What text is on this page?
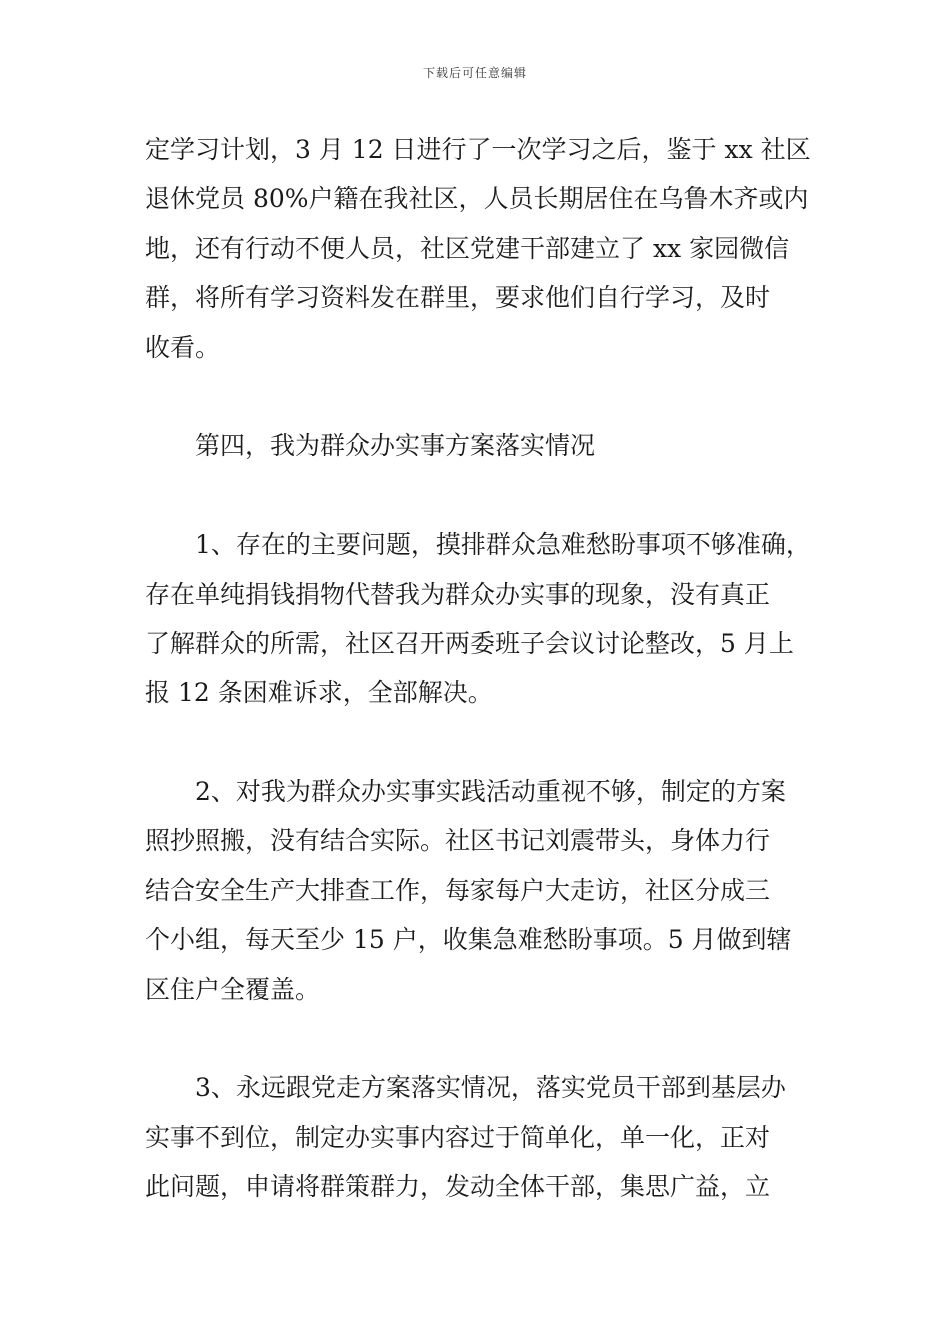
下载后可任意编辑
定学习计划，3 月 12 日进行了一次学习之后，鉴于 xx 社区
退休党员 80%户籍在我社区，人员长期居住在乌鲁木齐或内
地，还有行动不便人员，社区党建干部建立了 xx 家园微信
群，将所有学习资料发在群里，要求他们自行学习，及时
收看。
　　第四，我为群众办实事方案落实情况
　　1、存在的主要问题，摸排群众急难愁盼事项不够准确，
存在单纯捐钱捐物代替我为群众办实事的现象，没有真正
了解群众的所需，社区召开两委班子会议讨论整改，5 月上
报 12 条困难诉求，全部解决。
　　2、对我为群众办实事实践活动重视不够，制定的方案
照抄照搬，没有结合实际。社区书记刘震带头，身体力行
结合安全生产大排查工作，每家每户大走访，社区分成三
个小组，每天至少 15 户，收集急难愁盼事项。5 月做到辖
区住户全覆盖。
　　3、永远跟党走方案落实情况，落实党员干部到基层办
实事不到位，制定办实事内容过于简单化，单一化，正对
此问题，申请将群策群力，发动全体干部，集思广益，立
